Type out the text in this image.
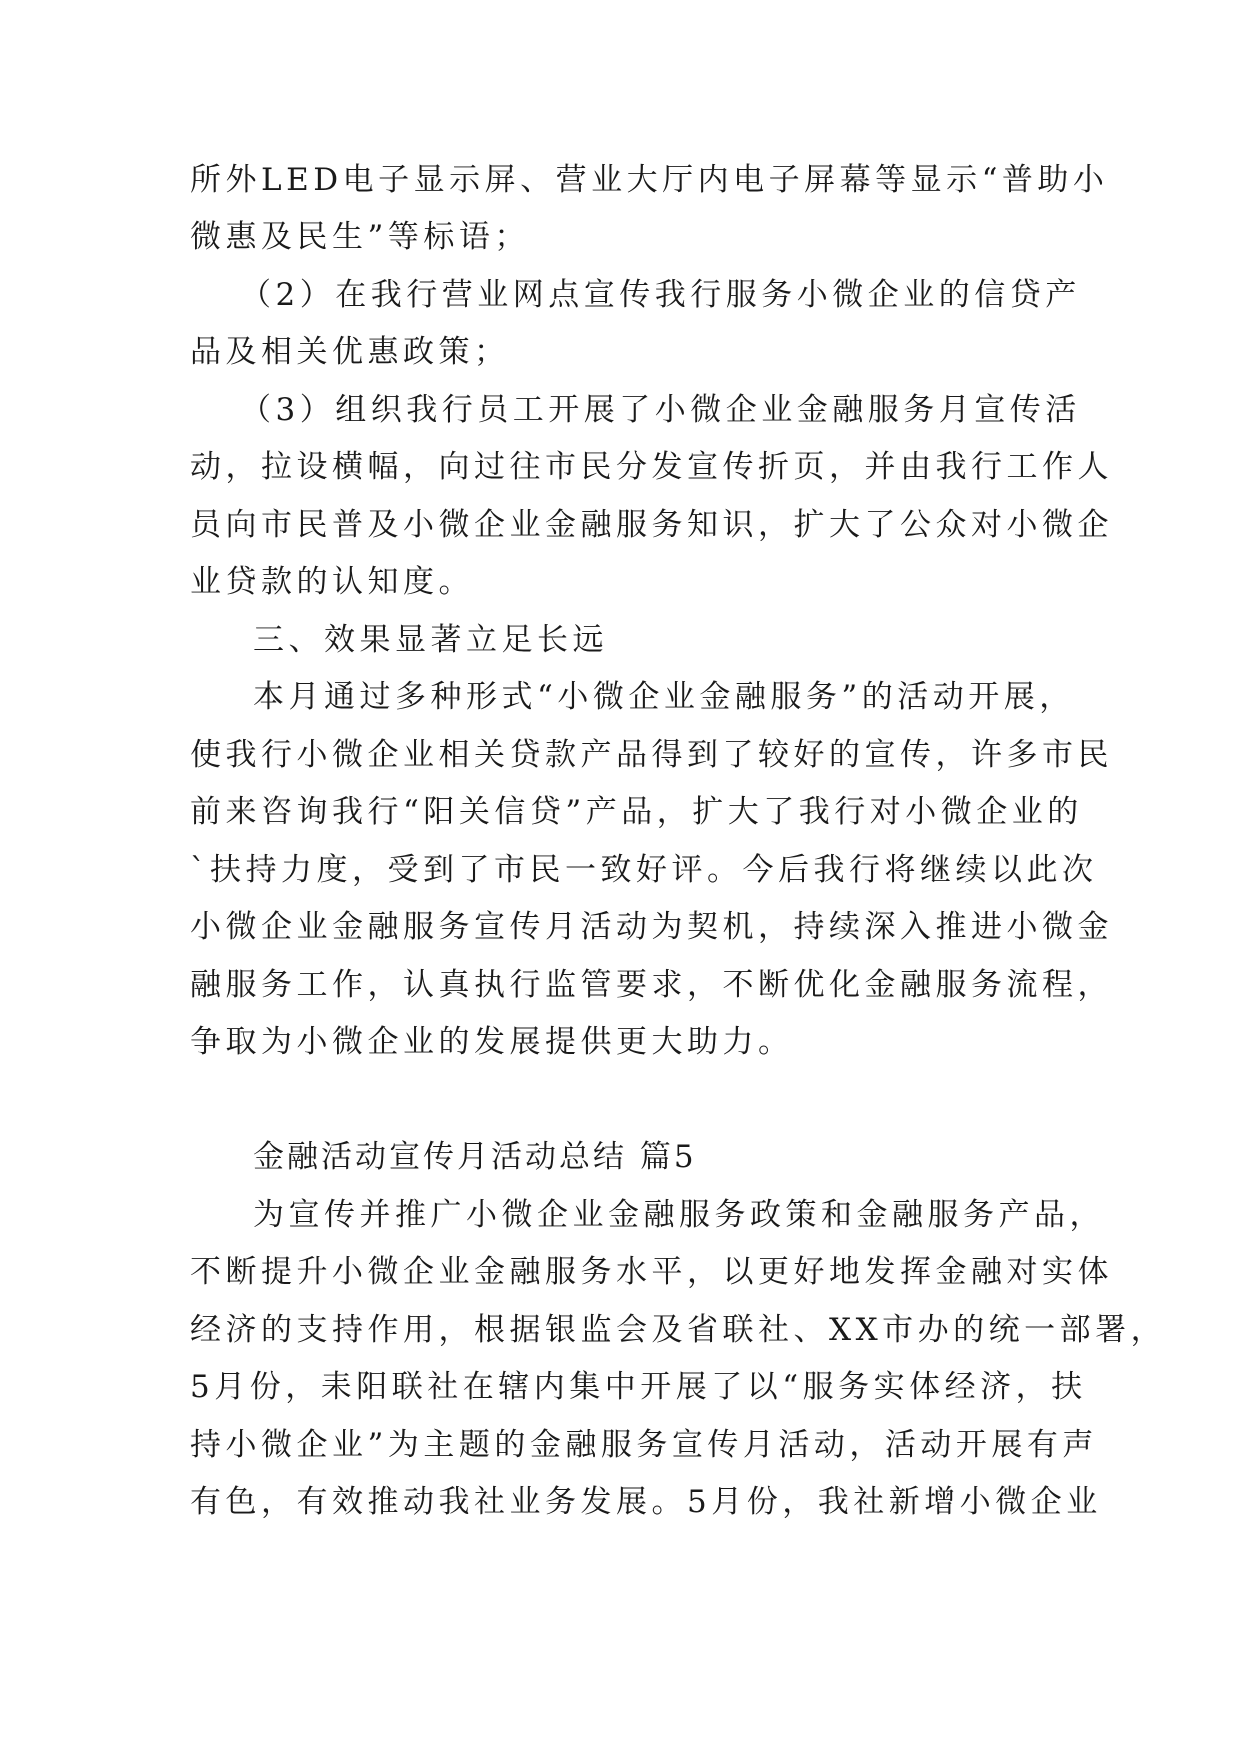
所外LED电子显示屏、营业大厅内电子屏幕等显示“普助小
微惠及民生”等标语；
（2）在我行营业网点宣传我行服务小微企业的信贷产
品及相关优惠政策；
（3）组织我行员工开展了小微企业金融服务月宣传活
动，拉设横幅，向过往市民分发宣传折页，并由我行工作人
员向市民普及小微企业金融服务知识，扩大了公众对小微企
业贷款的认知度。
三、效果显著立足长远
本月通过多种形式“小微企业金融服务”的活动开展，
使我行小微企业相关贷款产品得到了较好的宣传，许多市民
前来咨询我行“阳关信贷”产品，扩大了我行对小微企业的
`扶持力度，受到了市民一致好评。今后我行将继续以此次
小微企业金融服务宣传月活动为契机，持续深入推进小微金
融服务工作，认真执行监管要求，不断优化金融服务流程，
争取为小微企业的发展提供更大助力。
金融活动宣传月活动总结 篇5
为宣传并推广小微企业金融服务政策和金融服务产品，
不断提升小微企业金融服务水平，以更好地发挥金融对实体
经济的支持作用，根据银监会及省联社、XX市办的统一部署，
5月份，耒阳联社在辖内集中开展了以“服务实体经济，扶
持小微企业”为主题的金融服务宣传月活动，活动开展有声
有色，有效推动我社业务发展。5月份，我社新增小微企业
